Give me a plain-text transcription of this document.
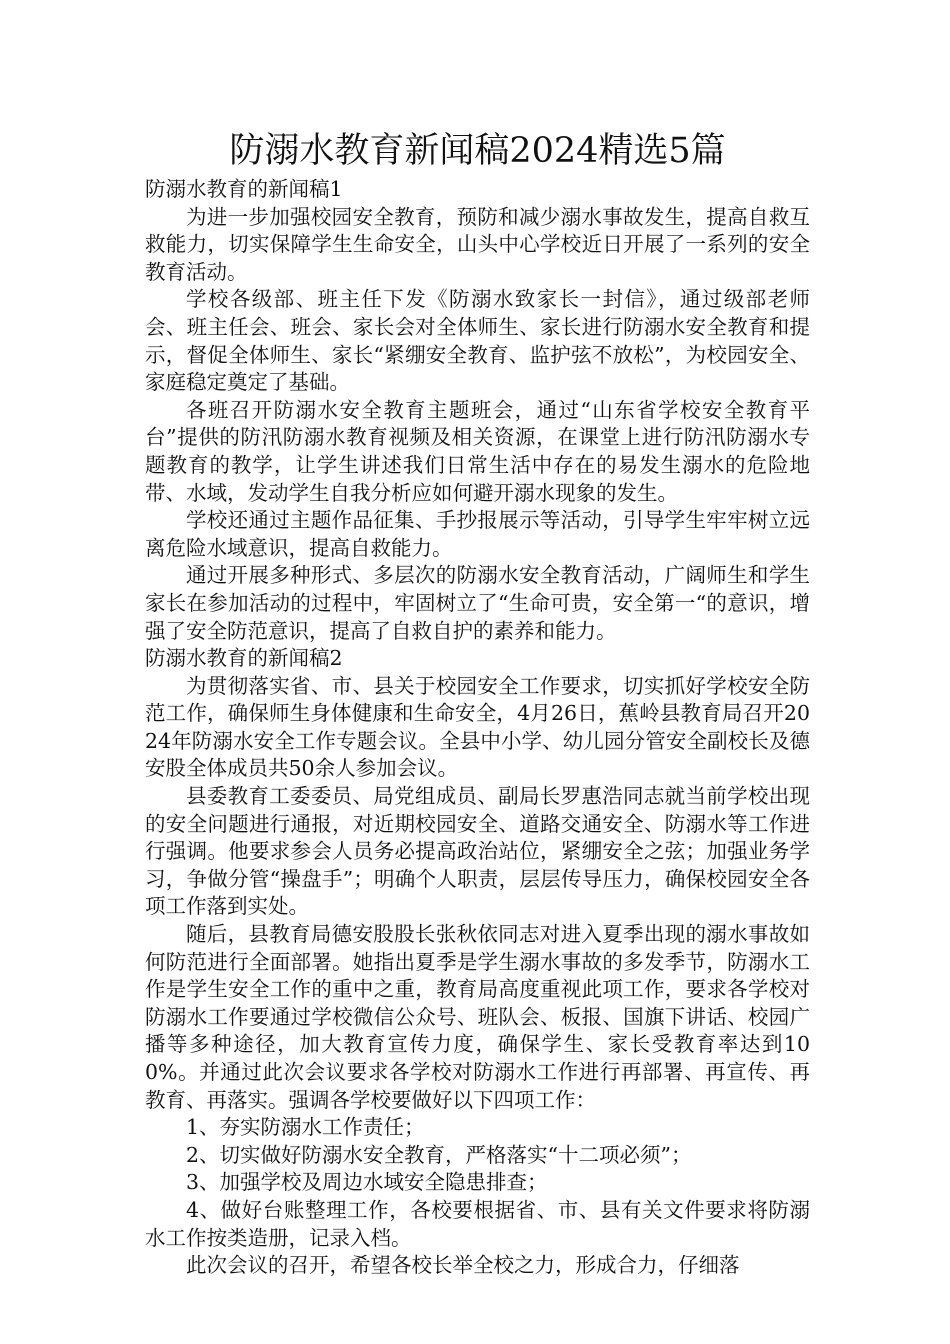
防溺水教育新闻稿2024精选5篇

防溺水教育的新闻稿1

为进一步加强校园安全教育，预防和减少溺水事故发生，提高自救互救能力，切实保障学生生命安全，山头中心学校近日开展了一系列的安全教育活动。

学校各级部、班主任下发《防溺水致家长一封信》，通过级部老师会、班主任会、班会、家长会对全体师生、家长进行防溺水安全教育和提示，督促全体师生、家长“紧绷安全教育、监护弦不放松”，为校园安全、家庭稳定奠定了基础。

各班召开防溺水安全教育主题班会，通过“山东省学校安全教育平台”提供的防汛防溺水教育视频及相关资源，在课堂上进行防汛防溺水专题教育的教学，让学生讲述我们日常生活中存在的易发生溺水的危险地带、水域，发动学生自我分析应如何避开溺水现象的发生。

学校还通过主题作品征集、手抄报展示等活动，引导学生牢牢树立远离危险水域意识，提高自救能力。

通过开展多种形式、多层次的防溺水安全教育活动，广阔师生和学生家长在参加活动的过程中，牢固树立了“生命可贵，安全第一“的意识，增强了安全防范意识，提高了自救自护的素养和能力。

防溺水教育的新闻稿2

为贯彻落实省、市、县关于校园安全工作要求，切实抓好学校安全防范工作，确保师生身体健康和生命安全，4月26日，蕉岭县教育局召开2024年防溺水安全工作专题会议。全县中小学、幼儿园分管安全副校长及德安股全体成员共50余人参加会议。

县委教育工委委员、局党组成员、副局长罗惠浩同志就当前学校出现的安全问题进行通报，对近期校园安全、道路交通安全、防溺水等工作进行强调。他要求参会人员务必提高政治站位，紧绷安全之弦；加强业务学习，争做分管“操盘手”；明确个人职责，层层传导压力，确保校园安全各项工作落到实处。

随后，县教育局德安股股长张秋依同志对进入夏季出现的溺水事故如何防范进行全面部署。她指出夏季是学生溺水事故的多发季节，防溺水工作是学生安全工作的重中之重，教育局高度重视此项工作，要求各学校对防溺水工作要通过学校微信公众号、班队会、板报、国旗下讲话、校园广播等多种途径，加大教育宣传力度，确保学生、家长受教育率达到100%。并通过此次会议要求各学校对防溺水工作进行再部署、再宣传、再教育、再落实。强调各学校要做好以下四项工作：

1、夯实防溺水工作责任；

2、切实做好防溺水安全教育，严格落实“十二项必须”；

3、加强学校及周边水域安全隐患排查；

4、做好台账整理工作，各校要根据省、市、县有关文件要求将防溺水工作按类造册，记录入档。

此次会议的召开，希望各校长举全校之力，形成合力，仔细落
